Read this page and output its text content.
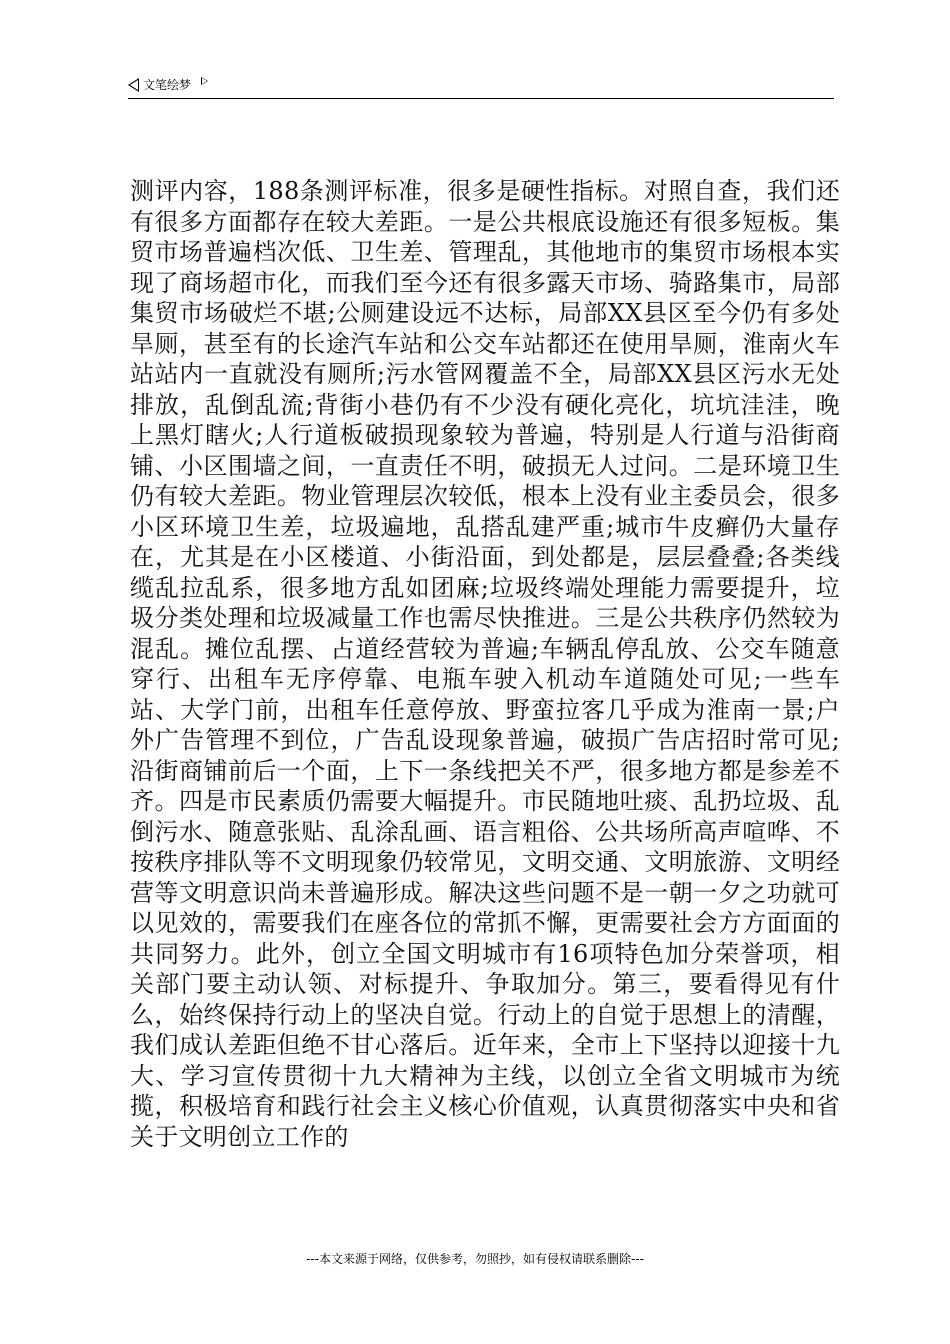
文笔绘梦

测评内容，188条测评标准，很多是硬性指标。对照自查，我们还有很多方面都存在较大差距。一是公共根底设施还有很多短板。集贸市场普遍档次低、卫生差、管理乱，其他地市的集贸市场根本实现了商场超市化，而我们至今还有很多露天市场、骑路集市，局部集贸市场破烂不堪;公厕建设远不达标，局部XX县区至今仍有多处旱厕，甚至有的长途汽车站和公交车站都还在使用旱厕，淮南火车站站内一直就没有厕所;污水管网覆盖不全，局部XX县区污水无处排放，乱倒乱流;背街小巷仍有不少没有硬化亮化，坑坑洼洼，晚上黑灯瞎火;人行道板破损现象较为普遍，特别是人行道与沿街商铺、小区围墙之间，一直责任不明，破损无人过问。二是环境卫生仍有较大差距。物业管理层次较低，根本上没有业主委员会，很多小区环境卫生差，垃圾遍地，乱搭乱建严重;城市牛皮癣仍大量存在，尤其是在小区楼道、小街沿面，到处都是，层层叠叠;各类线缆乱拉乱系，很多地方乱如团麻;垃圾终端处理能力需要提升，垃圾分类处理和垃圾减量工作也需尽快推进。三是公共秩序仍然较为混乱。摊位乱摆、占道经营较为普遍;车辆乱停乱放、公交车随意穿行、出租车无序停靠、电瓶车驶入机动车道随处可见;一些车站、大学门前，出租车任意停放、野蛮拉客几乎成为淮南一景;户外广告管理不到位，广告乱设现象普遍，破损广告店招时常可见;沿街商铺前后一个面，上下一条线把关不严，很多地方都是参差不齐。四是市民素质仍需要大幅提升。市民随地吐痰、乱扔垃圾、乱倒污水、随意张贴、乱涂乱画、语言粗俗、公共场所高声喧哗、不按秩序排队等不文明现象仍较常见，文明交通、文明旅游、文明经营等文明意识尚未普遍形成。解决这些问题不是一朝一夕之功就可以见效的，需要我们在座各位的常抓不懈，更需要社会方方面面的共同努力。此外，创立全国文明城市有16项特色加分荣誉项，相关部门要主动认领、对标提升、争取加分。第三，要看得见有什么，始终保持行动上的坚决自觉。行动上的自觉于思想上的清醒，我们成认差距但绝不甘心落后。近年来，全市上下坚持以迎接十九大、学习宣传贯彻十九大精神为主线，以创立全省文明城市为统揽，积极培育和践行社会主义核心价值观，认真贯彻落实中央和省关于文明创立工作的

---本文来源于网络，仅供参考，勿照抄，如有侵权请联系删除---
